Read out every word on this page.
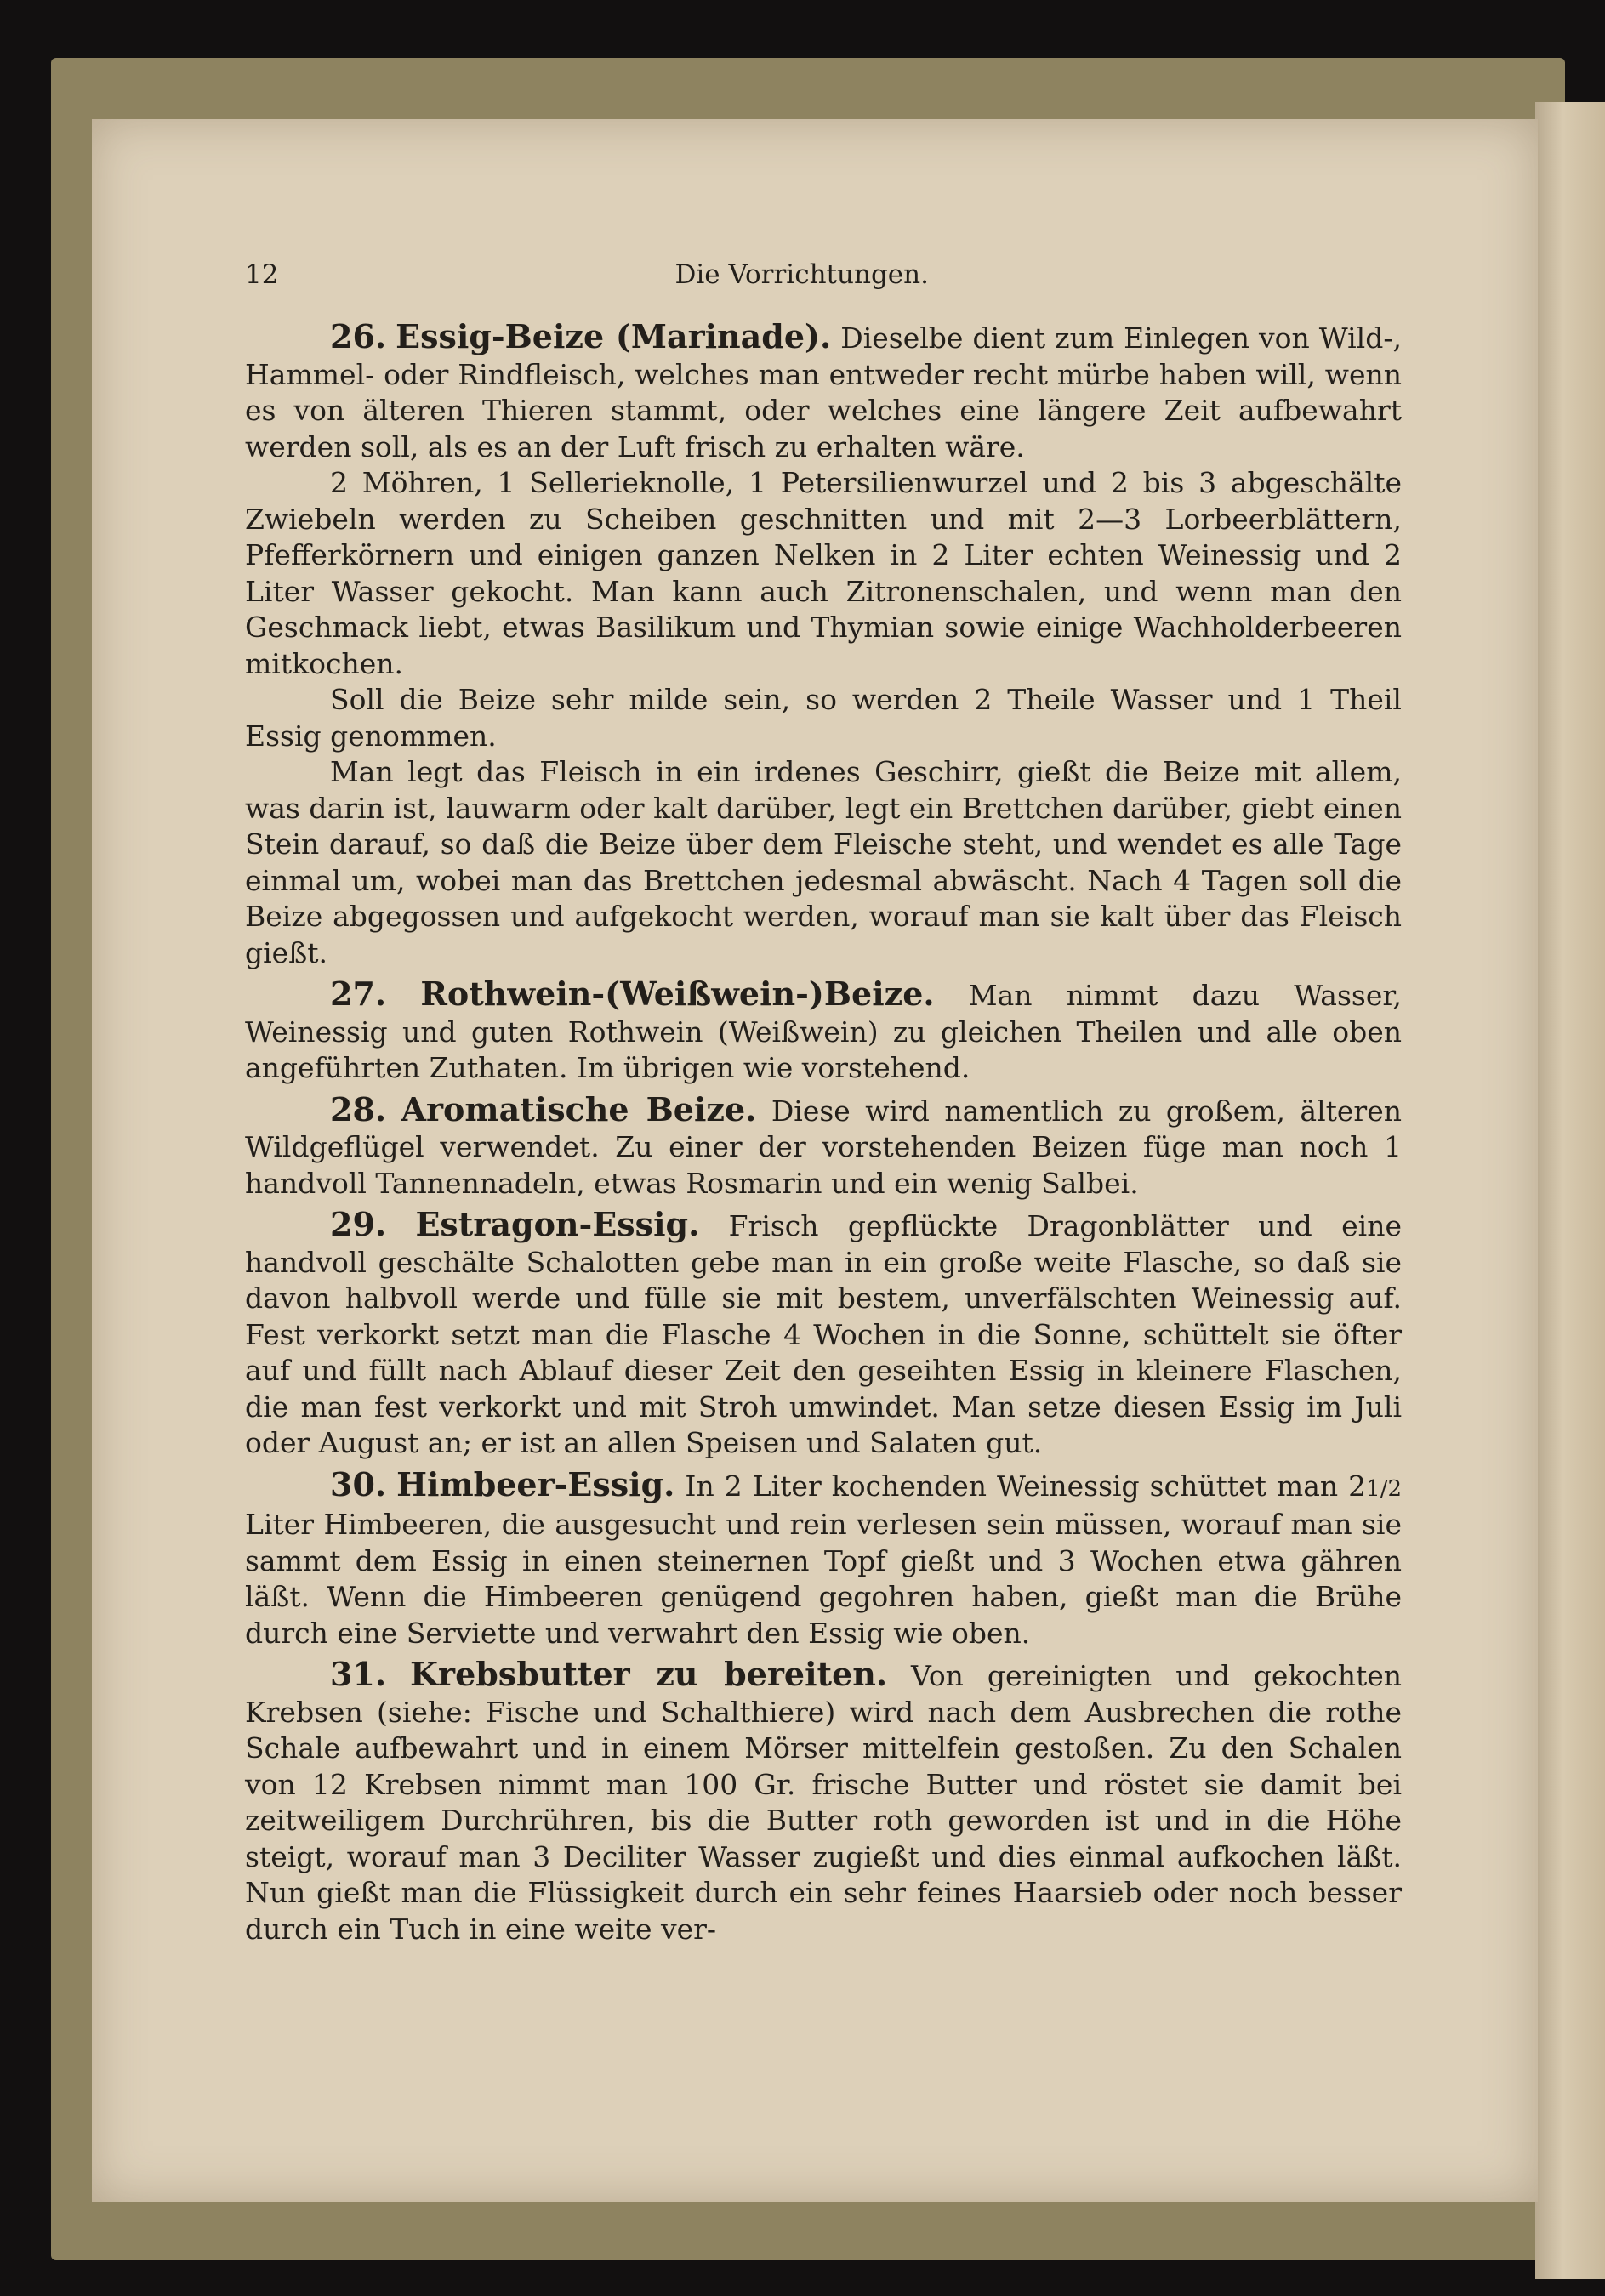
12	Die Vorrichtungen.

26. Essig-Beize (Marinade). Dieselbe dient zum Einlegen von Wild-, Hammel- oder Rindfleisch, welches man entweder recht mürbe haben will, wenn es von älteren Thieren stammt, oder welches eine längere Zeit aufbewahrt werden soll, als es an der Luft frisch zu erhalten wäre.

2 Möhren, 1 Sellerieknolle, 1 Petersilienwurzel und 2 bis 3 abgeschälte Zwiebeln werden zu Scheiben geschnitten und mit 2—3 Lorbeerblättern, Pfefferkörnern und einigen ganzen Nelken in 2 Liter echten Weinessig und 2 Liter Wasser gekocht. Man kann auch Zitronenschalen, und wenn man den Geschmack liebt, etwas Basilikum und Thymian sowie einige Wachholderbeeren mitkochen.

Soll die Beize sehr milde sein, so werden 2 Theile Wasser und 1 Theil Essig genommen.

Man legt das Fleisch in ein irdenes Geschirr, gießt die Beize mit allem, was darin ist, lauwarm oder kalt darüber, legt ein Brettchen darüber, giebt einen Stein darauf, so daß die Beize über dem Fleische steht, und wendet es alle Tage einmal um, wobei man das Brettchen jedesmal abwäscht. Nach 4 Tagen soll die Beize abgegossen und aufgekocht werden, worauf man sie kalt über das Fleisch gießt.

27. Rothwein-(Weißwein-)Beize. Man nimmt dazu Wasser, Weinessig und guten Rothwein (Weißwein) zu gleichen Theilen und alle oben angeführten Zuthaten. Im übrigen wie vorstehend.

28. Aromatische Beize. Diese wird namentlich zu großem, älteren Wildgeflügel verwendet. Zu einer der vorstehenden Beizen füge man noch 1 handvoll Tannennadeln, etwas Rosmarin und ein wenig Salbei.

29. Estragon-Essig. Frisch gepflückte Dragonblätter und eine handvoll geschälte Schalotten gebe man in ein große weite Flasche, so daß sie davon halbvoll werde und fülle sie mit bestem, unverfälschten Weinessig auf. Fest verkorkt setzt man die Flasche 4 Wochen in die Sonne, schüttelt sie öfter auf und füllt nach Ablauf dieser Zeit den geseihten Essig in kleinere Flaschen, die man fest verkorkt und mit Stroh umwindet. Man setze diesen Essig im Juli oder August an; er ist an allen Speisen und Salaten gut.

30. Himbeer-Essig. In 2 Liter kochenden Weinessig schüttet man 21/2 Liter Himbeeren, die ausgesucht und rein verlesen sein müssen, worauf man sie sammt dem Essig in einen steinernen Topf gießt und 3 Wochen etwa gähren läßt. Wenn die Himbeeren genügend gegohren haben, gießt man die Brühe durch eine Serviette und verwahrt den Essig wie oben.

31. Krebsbutter zu bereiten. Von gereinigten und gekochten Krebsen (siehe: Fische und Schalthiere) wird nach dem Ausbrechen die rothe Schale aufbewahrt und in einem Mörser mittelfein gestoßen. Zu den Schalen von 12 Krebsen nimmt man 100 Gr. frische Butter und röstet sie damit bei zeitweiligem Durchrühren, bis die Butter roth geworden ist und in die Höhe steigt, worauf man 3 Deciliter Wasser zugießt und dies einmal aufkochen läßt. Nun gießt man die Flüssigkeit durch ein sehr feines Haarsieb oder noch besser durch ein Tuch in eine weite ver-
